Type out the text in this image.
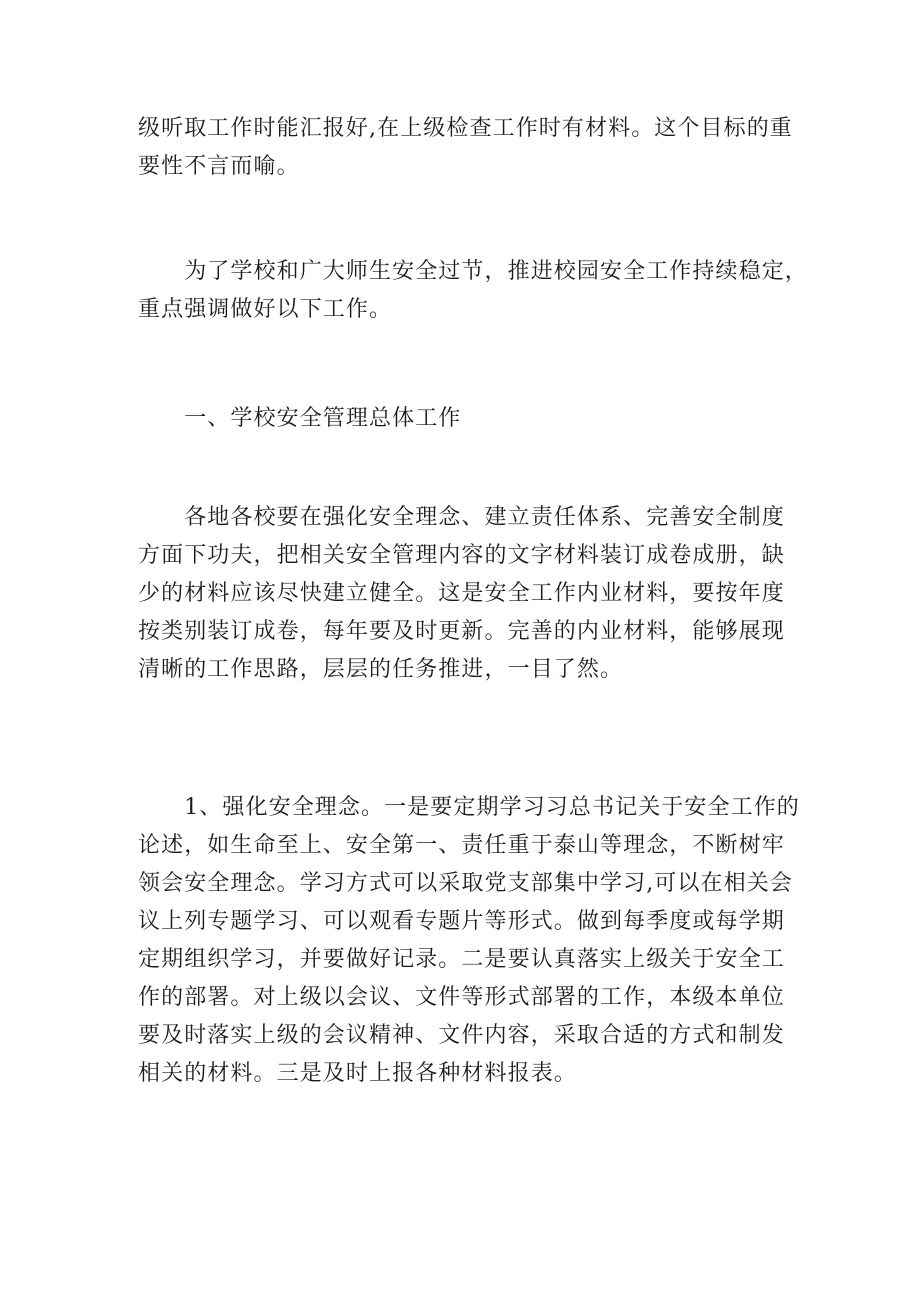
级听取工作时能汇报好,在上级检查工作时有材料。这个目标的重
要性不言而喻。
　　为了学校和广大师生安全过节，推进校园安全工作持续稳定，
重点强调做好以下工作。
　　一、学校安全管理总体工作
　　各地各校要在强化安全理念、建立责任体系、完善安全制度
方面下功夫，把相关安全管理内容的文字材料装订成卷成册，缺
少的材料应该尽快建立健全。这是安全工作内业材料，要按年度
按类别装订成卷，每年要及时更新。完善的内业材料，能够展现
清晰的工作思路，层层的任务推进，一目了然。
　　1、强化安全理念。一是要定期学习习总书记关于安全工作的
论述，如生命至上、安全第一、责任重于泰山等理念，不断树牢
领会安全理念。学习方式可以采取党支部集中学习,可以在相关会
议上列专题学习、可以观看专题片等形式。做到每季度或每学期
定期组织学习，并要做好记录。二是要认真落实上级关于安全工
作的部署。对上级以会议、文件等形式部署的工作，本级本单位
要及时落实上级的会议精神、文件内容，采取合适的方式和制发
相关的材料。三是及时上报各种材料报表。
